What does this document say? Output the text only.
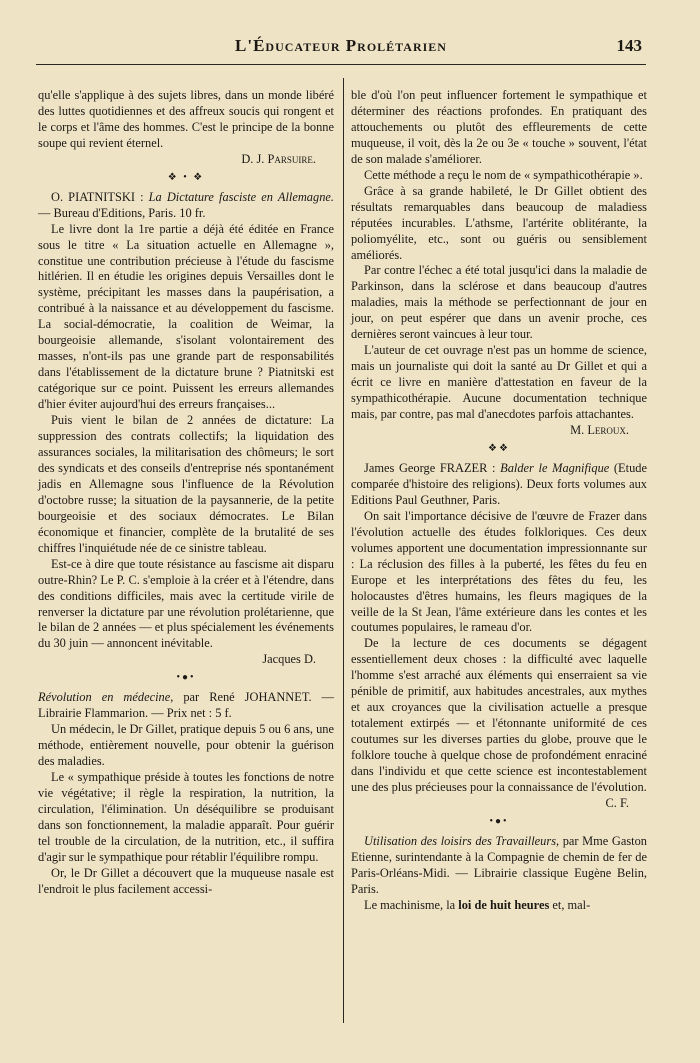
L'Éducateur Prolétarien	143

qu'elle s'applique à des sujets libres, dans un monde libéré des luttes quotidiennes et des affreux soucis qui rongent et le corps et l'âme des hommes. C'est le principe de la bonne soupe qui revient éternel.

D. J. Parsuire.

❖ • ❖

O. PIATNITSKI : La Dictature fasciste en Allemagne. — Bureau d'Editions, Paris. 10 fr.

Le livre dont la 1re partie a déjà été éditée en France sous le titre « La situation actuelle en Allemagne », constitue une contribution précieuse à l'étude du fascisme hitlérien. Il en étudie les origines depuis Versailles dont le système, précipitant les masses dans la paupérisation, a contribué à la naissance et au développement du fascisme. La social-démocratie, la coalition de Weimar, la bourgeoisie allemande, s'isolant volontairement des masses, n'ont-ils pas une grande part de responsabilités dans l'établissement de la dictature brune ? Piatnitski est catégorique sur ce point. Puissent les erreurs allemandes d'hier éviter aujourd'hui des erreurs françaises...

Puis vient le bilan de 2 années de dictature: La suppression des contrats collectifs; la liquidation des assurances sociales, la militarisation des chômeurs; le sort des syndicats et des conseils d'entreprise nés spontanément jadis en Allemagne sous l'influence de la Révolution d'octobre russe; la situation de la paysannerie, de la petite bourgeoisie et des sociaux démocrates. Le Bilan économique et financier, complète de la brutalité de ses chiffres l'inquiétude née de ce sinistre tableau.

Est-ce à dire que toute résistance au fascisme ait disparu outre-Rhin? Le P. C. s'emploie à la créer et à l'étendre, dans des conditions difficiles, mais avec la certitude virile de renverser la dictature par une révolution prolétarienne, que le bilan de 2 années — et plus spécialement les événements du 30 juin — annoncent inévitable.

Jacques D.

•●•

Révolution en médecine, par René JOHANNET. — Librairie Flammarion. — Prix net : 5 f.

Un médecin, le Dr Gillet, pratique depuis 5 ou 6 ans, une méthode, entièrement nouvelle, pour obtenir la guérison des maladies.

Le « sympathique préside à toutes les fonctions de notre vie végétative; il règle la respiration, la nutrition, la circulation, l'élimination. Un déséquilibre se produisant dans son fonctionnement, la maladie apparaît. Pour guérir tel trouble de la circulation, de la nutrition, etc., il suffira d'agir sur le sympathique pour rétablir l'équilibre rompu.

Or, le Dr Gillet a découvert que la muqueuse nasale est l'endroit le plus facilement accessi-

ble d'où l'on peut influencer fortement le sympathique et déterminer des réactions profondes. En pratiquant des attouchements ou plutôt des effleurements de cette muqueuse, il voit, dès la 2e ou 3e « touche » souvent, l'état de son malade s'améliorer.

Cette méthode a reçu le nom de « sympathicothérapie ».

Grâce à sa grande habileté, le Dr Gillet obtient des résultats remarquables dans beaucoup de maladiess réputées incurables. L'athsme, l'artérite oblitérante, la poliomyélite, etc., sont ou guéris ou sensiblement améliorés.

Par contre l'échec a été total jusqu'ici dans la maladie de Parkinson, dans la sclérose et dans beaucoup d'autres maladies, mais la méthode se perfectionnant de jour en jour, on peut espérer que dans un avenir proche, ces dernières seront vaincues à leur tour.

L'auteur de cet ouvrage n'est pas un homme de science, mais un journaliste qui doit la santé au Dr Gillet et qui a écrit ce livre en manière d'attestation en faveur de la sympathicothérapie. Aucune documentation technique mais, par contre, pas mal d'anecdotes parfois attachantes.

M. Leroux.

❖❖

James George FRAZER : Balder le Magnifique (Etude comparée d'histoire des religions). Deux forts volumes aux Editions Paul Geuthner, Paris.

On sait l'importance décisive de l'œuvre de Frazer dans l'évolution actuelle des études folkloriques. Ces deux volumes apportent une documentation impressionnante sur : La réclusion des filles à la puberté, les fêtes du feu en Europe et les interprétations des fêtes du feu, les holocaustes d'êtres humains, les fleurs magiques de la veille de la St Jean, l'âme extérieure dans les contes et les coutumes populaires, le rameau d'or.

De la lecture de ces documents se dégagent essentiellement deux choses : la difficulté avec laquelle l'homme s'est arraché aux éléments qui enserraient sa vie pénible de primitif, aux habitudes ancestrales, aux mythes et aux croyances que la civilisation actuelle a presque totalement extirpés — et l'étonnante uniformité de ces coutumes sur les diverses parties du globe, prouve que le folklore touche à quelque chose de profondément enraciné dans l'individu et que cette science est incontestablement une des plus précieuses pour la connaissance de l'évolution.

C. F.

•●•

Utilisation des loisirs des Travailleurs, par Mme Gaston Etienne, surintendante à la Compagnie de chemin de fer de Paris-Orléans-Midi. — Librairie classique Eugène Belin, Paris.

Le machinisme, la loi de huit heures et, mal-
